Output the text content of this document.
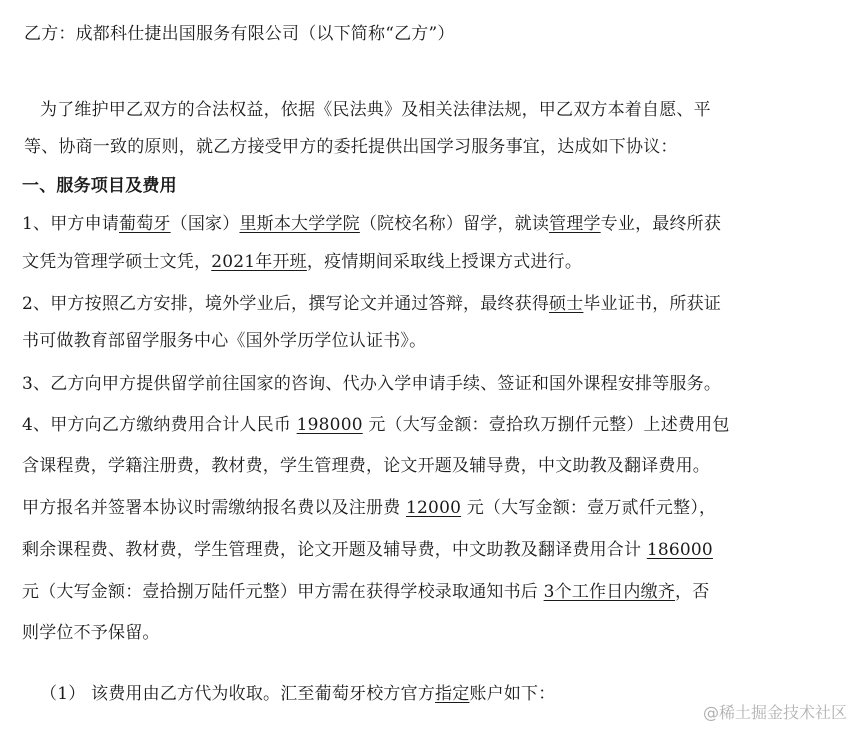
乙方：成都科仕捷出国服务有限公司（以下简称“乙方”）
为了维护甲乙双方的合法权益，依据《民法典》及相关法律法规，甲乙双方本着自愿、平
等、协商一致的原则，就乙方接受甲方的委托提供出国学习服务事宜，达成如下协议：
一、服务项目及费用
1、甲方申请葡萄牙（国家）里斯本大学学院（院校名称）留学，就读管理学专业，最终所获
文凭为管理学硕士文凭，2021年开班，疫情期间采取线上授课方式进行。
2、甲方按照乙方安排，境外学业后，撰写论文并通过答辩，最终获得硕士毕业证书，所获证
书可做教育部留学服务中心《国外学历学位认证书》。
3、乙方向甲方提供留学前往国家的咨询、代办入学申请手续、签证和国外课程安排等服务。
4、甲方向乙方缴纳费用合计人民币 198000 元（大写金额：壹拾玖万捌仟元整）上述费用包
含课程费，学籍注册费，教材费，学生管理费，论文开题及辅导费，中文助教及翻译费用。
甲方报名并签署本协议时需缴纳报名费以及注册费 12000 元（大写金额：壹万贰仟元整），
剩余课程费、教材费，学生管理费，论文开题及辅导费，中文助教及翻译费用合计 186000
元（大写金额：壹拾捌万陆仟元整）甲方需在获得学校录取通知书后 3个工作日内缴齐，否
则学位不予保留。
（1） 该费用由乙方代为收取。汇至葡萄牙校方官方指定账户如下：
@稀土掘金技术社区
